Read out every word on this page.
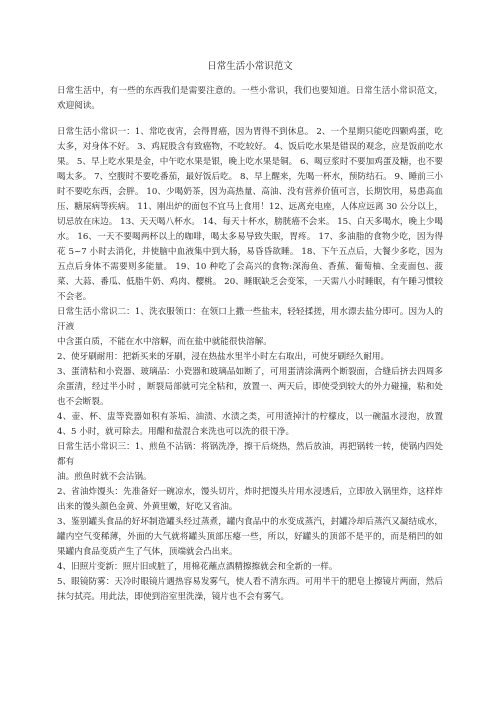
日常生活小常识范文

日常生活中，有一些的东西我们是需要注意的。一些小常识，我们也要知道。日常生活小常识范文，欢迎阅读。

日常生活小常识一：1、常吃夜宵，会得胃癌，因为胃得不到休息。 2、一个星期只能吃四颗鸡蛋，吃太多，对身体不好。 3、鸡屁股含有致癌物，不吃较好。 4、饭后吃水果是错误的观念，应是饭前吃水果。 5、早上吃水果是金，中午吃水果是银，晚上吃水果是铜。 6、喝豆浆时不要加鸡蛋及糖，也不要喝太多。 7、空腹时不要吃番茄，最好饭后吃。 8、早上醒来，先喝一杯水，预防结石。 9、睡前三小时不要吃东西，会胖。 10、少喝奶茶，因为高热量、高油、没有营养价值可言，长期饮用，易患高血压、糖尿病等疾病。 11、刚出炉的面包不宜马上食用！12、远离充电座，人体应远离 30 公分以上，切忌放在床边。 13、天天喝八杯水。 14、每天十杯水，膀胱癌不会来。 15、白天多喝水，晚上少喝水。 16、一天不要喝两杯以上的咖啡，喝太多易导致失眠，胃疼。 17、多油脂的食物少吃，因为得花 5~7 小时去消化，并使脑中血液集中到大肠，易昏昏欲睡。 18、下午五点后，大餐少多吃，因为五点后身体不需要则多能量。 19、10 种吃了会高兴的食物:深海鱼、香蕉、葡萄柚、全麦面包、菠菜、大蒜、番瓜、低脂牛奶、鸡肉、樱桃。 20、睡眠缺乏会变笨，一天需八小时睡眠，有午睡习惯较不会老。

日常生活小常识二：1、洗衣服领口：在领口上撒一些盐末，轻轻揉搓，用水漂去盐分即可。因为人的汗液

中含蛋白质，不能在水中溶解，而在盐中就能很快溶解。

2、使牙刷耐用：把新买来的牙刷，浸在热盐水里半小时左右取出，可使牙刷经久耐用。

3、蛋清粘和小瓷器、玻璃品：小瓷器和玻璃品如断了，可用蛋清涂满两个断裂面，合缝后挤去四周多余蛋清，经过半小时 ，断裂局部就可完全粘和，放置一、两天后，即使受到较大的外力碰撞，粘和处也不会断裂。

4、壶、杯、盅等瓷器如积有茶垢、油渍、水渍之类，可用渣掉汁的柠檬皮，以一碗温水浸泡，放置 4、5 小时，就可除去。用醋和盐混合来洗也可以洗的很干净。

日常生活小常识三：1、煎鱼不沾锅：将锅洗净，擦干后烧热，然后放油，再把锅转一转，使锅内四处都有

油。煎鱼时就不会沾锅。

2、省油炸馒头：先准备好一碗凉水，馒头切片，炸时把馒头片用水浸透后，立即放入锅里炸，这样炸出来的馒头颜色金黄、外黄里嫩，好吃又省油。

3、鉴别罐头食品的好坏制造罐头经过蒸煮，罐内食品中的水变成蒸汽，封罐冷却后蒸汽又凝结成水，罐内空气变稀薄，外面的大气就将罐头顶部压瘪一些，所以，好罐头的顶部不是平的，而是稍凹的如果罐内食品变质产生了气体，顶端就会凸出来。

4、旧照片变新：照片旧或脏了，用棉花蘸点酒精擦擦就会和全新的一样。

5、眼镜防雾：天冷时眼镜片遇热容易发雾气，使人看不清东西。可用半干的肥皂上擦镜片两面，然后抹匀拭亮。用此法，即使到浴室里洗澡，镜片也不会有雾气。
